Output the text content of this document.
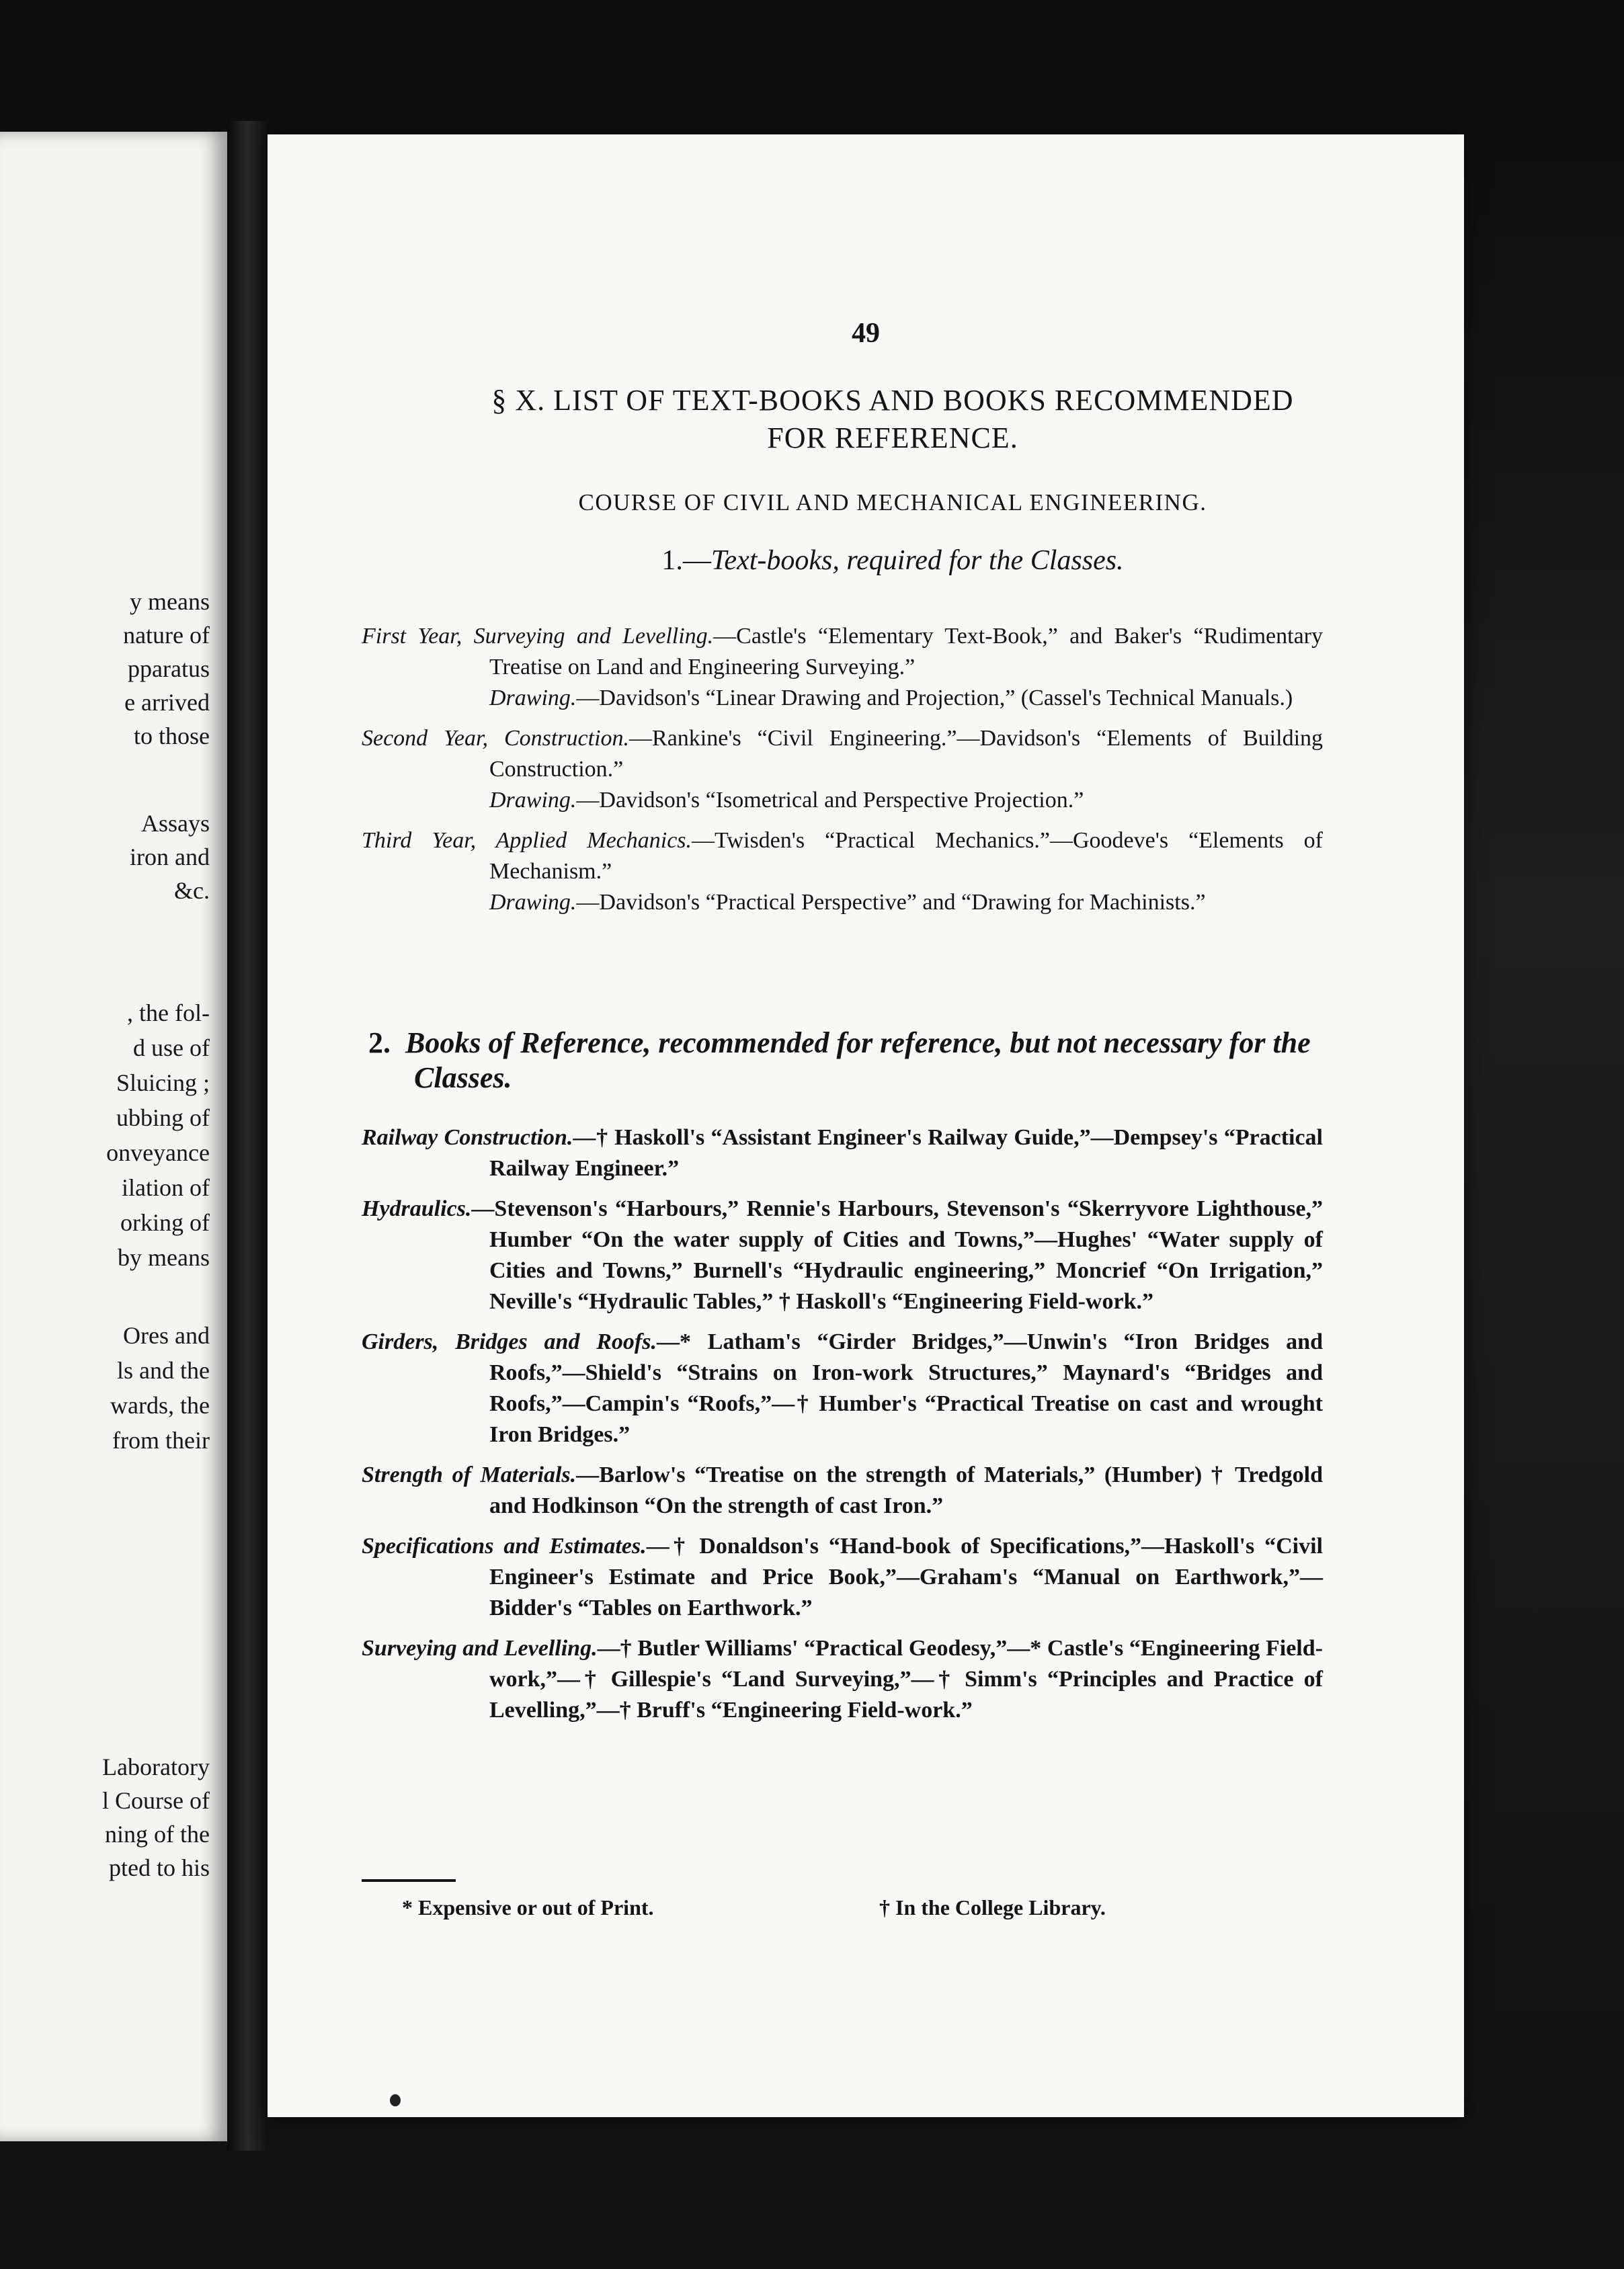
y means
nature of
pparatus
e arrived
to those
Assays
iron and
&c.
, the fol-
d use of
Sluicing ;
ubbing of
onveyance
ilation of
orking of
by means
Ores and
ls and the
wards, the
from their
Laboratory
l Course of
ning of the
pted to his
49
§ X. LIST OF TEXT-BOOKS AND BOOKS RECOMMENDED
FOR REFERENCE.
COURSE OF CIVIL AND MECHANICAL ENGINEERING.
1.—Text-books, required for the Classes.
First Year, Surveying and Levelling.—Castle's “Elementary Text-Book,” and Baker's “Rudimentary Treatise on Land and Engineering Surveying.”
Drawing.—Davidson's “Linear Drawing and Projection,” (Cassel's Technical Manuals.)
Second Year, Construction.—Rankine's “Civil Engineering.”—Davidson's “Elements of Building Construction.”
Drawing.—Davidson's “Isometrical and Perspective Projection.”
Third Year, Applied Mechanics.—Twisden's “Practical Mechanics.”—Goodeve's “Elements of Mechanism.”
Drawing.—Davidson's “Practical Perspective” and “Drawing for Machinists.”
2. Books of Reference, recommended for reference, but not necessary for the Classes.
Railway Construction.—† Haskoll's “Assistant Engineer's Railway Guide,”—Dempsey's “Practical Railway Engineer.”
Hydraulics.—Stevenson's “Harbours,” Rennie's Harbours, Stevenson's “Skerryvore Lighthouse,” Humber “On the water supply of Cities and Towns,”—Hughes' “Water supply of Cities and Towns,” Burnell's “Hydraulic engineering,” Moncrief “On Irrigation,” Neville's “Hydraulic Tables,” † Haskoll's “Engineering Field-work.”
Girders, Bridges and Roofs.—* Latham's “Girder Bridges,”—Unwin's “Iron Bridges and Roofs,”—Shield's “Strains on Iron-work Structures,” Maynard's “Bridges and Roofs,”—Campin's “Roofs,”—† Humber's “Practical Treatise on cast and wrought Iron Bridges.”
Strength of Materials.—Barlow's “Treatise on the strength of Materials,” (Humber) † Tredgold and Hodkinson “On the strength of cast Iron.”
Specifications and Estimates.—† Donaldson's “Hand-book of Specifications,”—Haskoll's “Civil Engineer's Estimate and Price Book,”—Graham's “Manual on Earthwork,”—Bidder's “Tables on Earthwork.”
Surveying and Levelling.—† Butler Williams' “Practical Geodesy,”—* Castle's “Engineering Field-work,”—† Gillespie's “Land Surveying,”—† Simm's “Principles and Practice of Levelling,”—† Bruff's “Engineering Field-work.”
* Expensive or out of Print.	† In the College Library.
